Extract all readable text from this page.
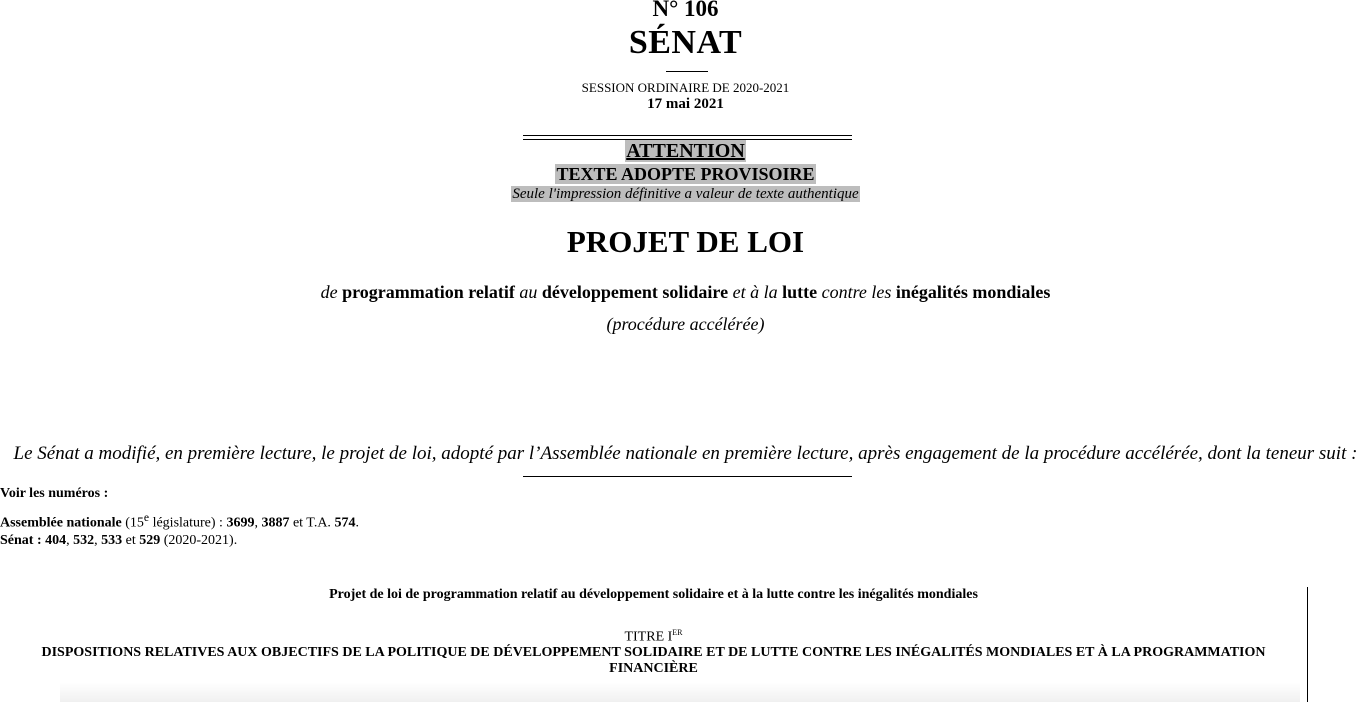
N° 106
SÉNAT
SESSION ORDINAIRE DE 2020-2021
17 mai 2021
ATTENTION
TEXTE ADOPTE PROVISOIRE
Seule l'impression définitive a valeur de texte authentique
PROJET DE LOI
de programmation relatif au développement solidaire et à la lutte contre les inégalités mondiales
(procédure accélérée)
Le Sénat a modifié, en première lecture, le projet de loi, adopté par l’Assemblée nationale en première lecture, après engagement de la procédure accélérée, dont la teneur suit :
Voir les numéros :
Assemblée nationale (15e législature) : 3699, 3887 et T.A. 574.
Sénat : 404, 532, 533 et 529 (2020-2021).
Projet de loi de programmation relatif au développement solidaire et à la lutte contre les inégalités mondiales
TITRE IER
DISPOSITIONS RELATIVES AUX OBJECTIFS DE LA POLITIQUE DE DÉVELOPPEMENT SOLIDAIRE ET DE LUTTE CONTRE LES INÉGALITÉS MONDIALES ET À LA PROGRAMMATION FINANCIÈRE
